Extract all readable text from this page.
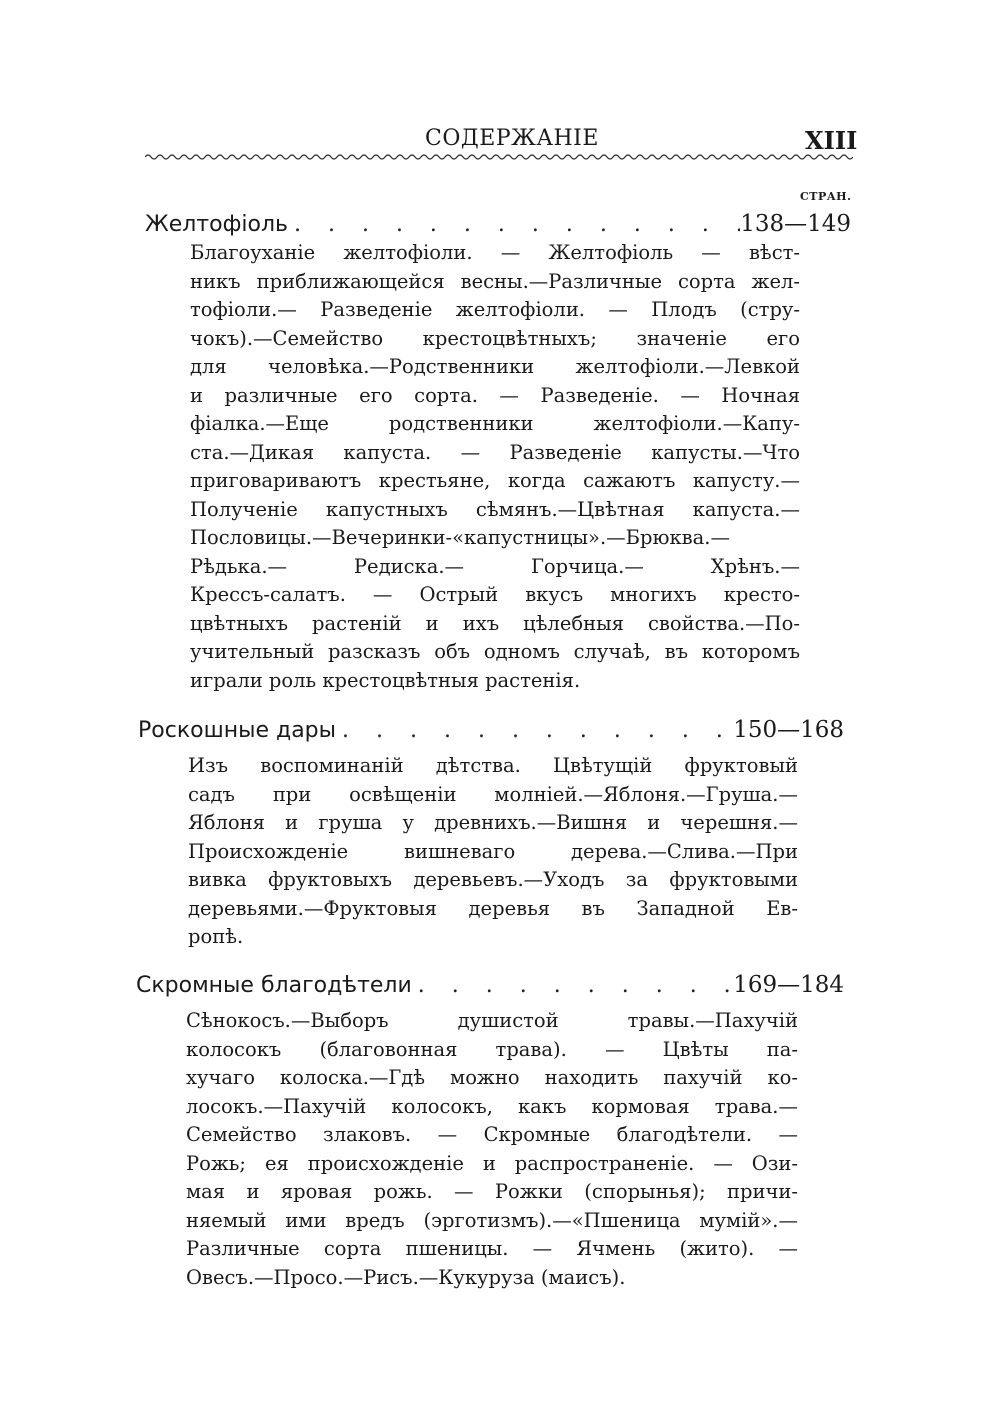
СОДЕРЖАНІЕ	XIII
СТРАН.
Желтофіоль . . .	138—149
Благоуханіе желтофіоли. — Желтофіоль — вѣст-
никъ приближающейся весны.—Различные сорта жел-
тофіоли.— Разведеніе желтофіоли. — Плодъ (стру-
чокъ).—Семейство крестоцвѣтныхъ; значеніе его
для человѣка.—Родственники желтофіоли.—Левкой
и различные его сорта. — Разведеніе. — Ночная
фіалка.—Еще родственники желтофіоли.—Капу-
ста.—Дикая капуста. — Разведеніе капусты.—Что
приговариваютъ крестьяне, когда сажаютъ капусту.—
Полученіе капустныхъ сѣмянъ.—Цвѣтная капуста.—
Пословицы.—Вечеринки-«капустницы».—Брюква.—
Рѣдька.— Редиска.— Горчица.— Хрѣнъ.—
Крессъ-салатъ. — Острый вкусъ многихъ кресто-
цвѣтныхъ растеній и ихъ цѣлебныя свойства.—По-
учительный разсказъ объ одномъ случаѣ, въ которомъ
играли роль крестоцвѣтныя растенія.
Роскошные дары . . .	150—168
Изъ воспоминаній дѣтства. Цвѣтущій фруктовый
садъ при освѣщеніи молніей.—Яблоня.—Груша.—
Яблоня и груша у древнихъ.—Вишня и черешня.—
Происхожденіе вишневаго дерева.—Слива.—При
вивка фруктовыхъ деревьевъ.—Уходъ за фруктовыми
деревьями.—Фруктовыя деревья въ Западной Ев-
ропѣ.
Скромные благодѣтели . . .	169—184
Сѣнокосъ.—Выборъ душистой травы.—Пахучій
колосокъ (благовонная трава). — Цвѣты па-
хучаго колоска.—Гдѣ можно находить пахучій ко-
лосокъ.—Пахучій колосокъ, какъ кормовая трава.—
Семейство злаковъ. — Скромные благодѣтели. —
Рожь; ея происхожденіе и распространеніе. — Ози-
мая и яровая рожь. — Рожки (спорынья); причи-
няемый ими вредъ (эрготизмъ).—«Пшеница мумій».—
Различные сорта пшеницы. — Ячмень (жито). —
Овесъ.—Просо.—Рисъ.—Кукуруза (маисъ).
